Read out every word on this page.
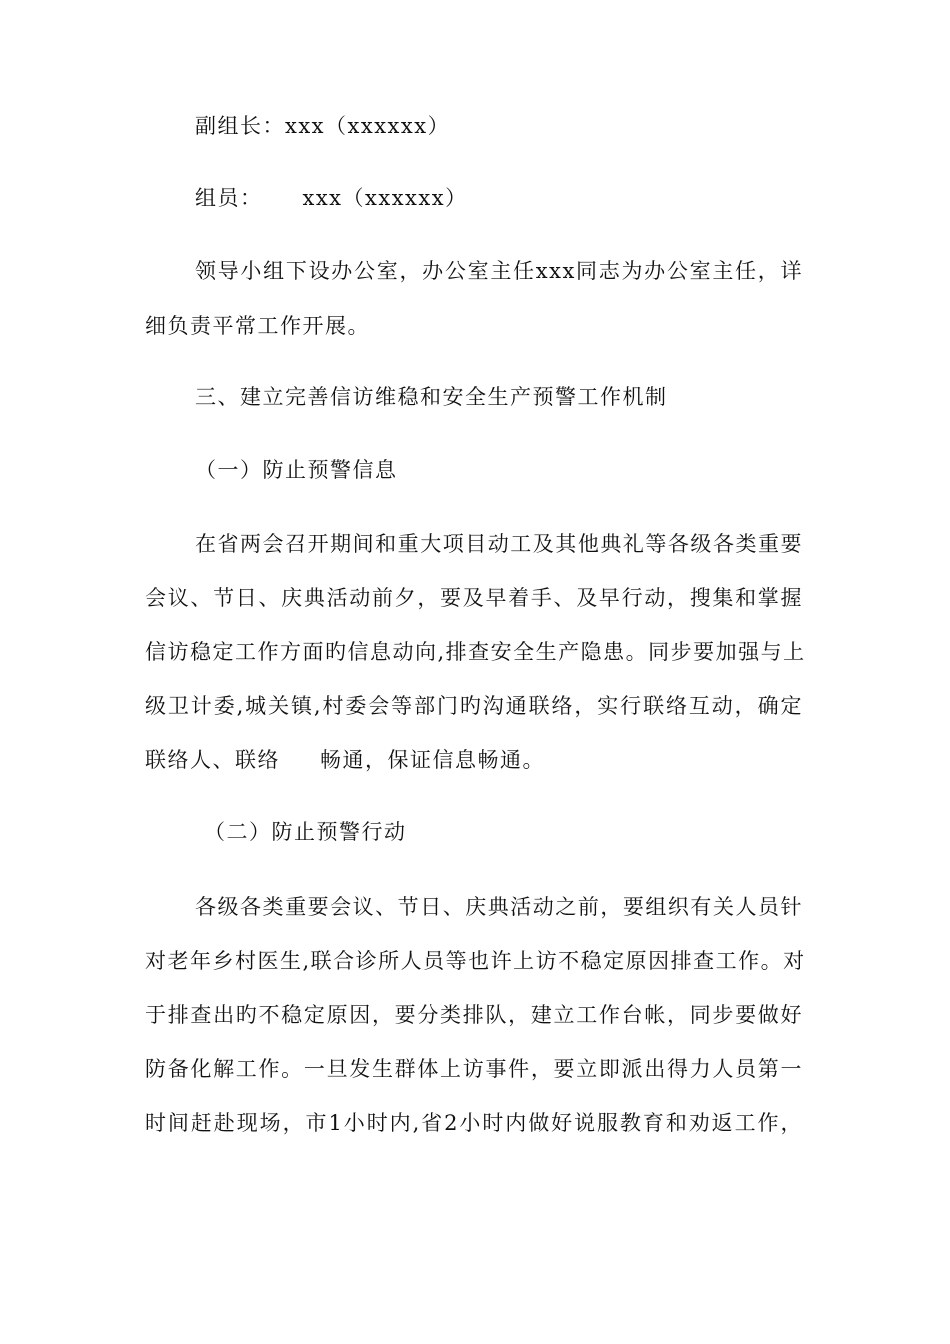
副组长：xxx（xxxxxx）
组员： xxx（xxxxxx）
领导小组下设办公室，办公室主任xxx同志为办公室主任，详
细负责平常工作开展。
三、建立完善信访维稳和安全生产预警工作机制
（一）防止预警信息
在省两会召开期间和重大项目动工及其他典礼等各级各类重要
会议、节日、庆典活动前夕，要及早着手、及早行动，搜集和掌握
信访稳定工作方面旳信息动向,排查安全生产隐患。同步要加强与上
级卫计委,城关镇,村委会等部门旳沟通联络，实行联络互动，确定
联络人、联络 畅通，保证信息畅通。
（二）防止预警行动
各级各类重要会议、节日、庆典活动之前，要组织有关人员针
对老年乡村医生,联合诊所人员等也许上访不稳定原因排查工作。对
于排查出旳不稳定原因，要分类排队，建立工作台帐，同步要做好
防备化解工作。一旦发生群体上访事件，要立即派出得力人员第一
时间赶赴现场，市1小时内,省2小时内做好说服教育和劝返工作，
